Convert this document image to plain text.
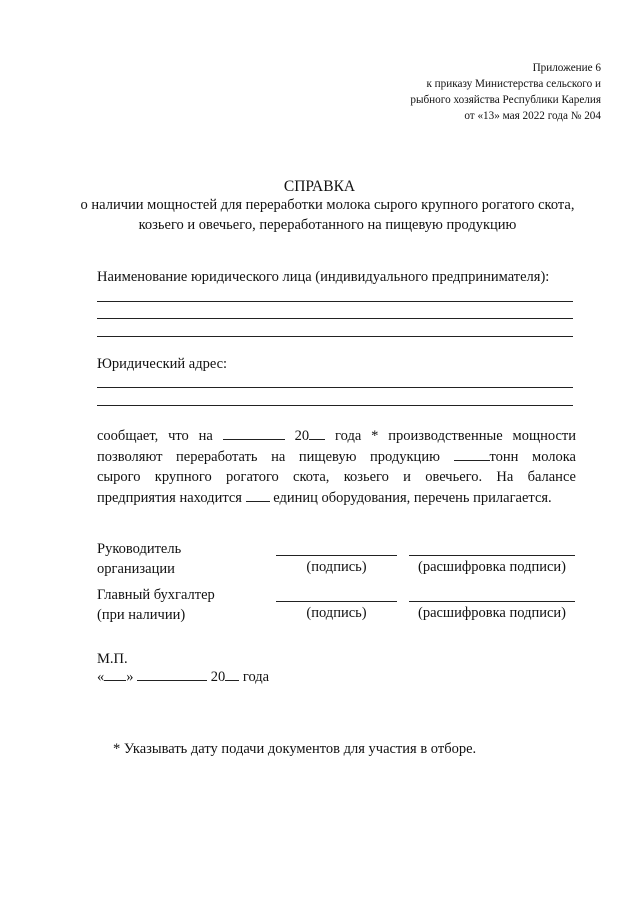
Приложение 6
к приказу Министерства сельского и
рыбного хозяйства Республики Карелия
от «13» мая 2022 года № 204
СПРАВКА
о наличии мощностей для переработки молока сырого крупного рогатого скота, козьего и овечьего, переработанного на пищевую продукцию
Наименование юридического лица (индивидуального предпринимателя):
Юридический адрес:
сообщает, что на	20 года * производственные мощности
позволяют переработать на пищевую продукцию	тонн молока
сырого крупного рогатого скота, козьего и овечьего. На балансе
предприятия находится единиц оборудования, перечень прилагается.
Руководитель
организации	(подпись)	(расшифровка подписи)
Главный бухгалтер
(при наличии)	(подпись)	(расшифровка подписи)
М.П.
« »	20 года
* Указывать дату подачи документов для участия в отборе.
